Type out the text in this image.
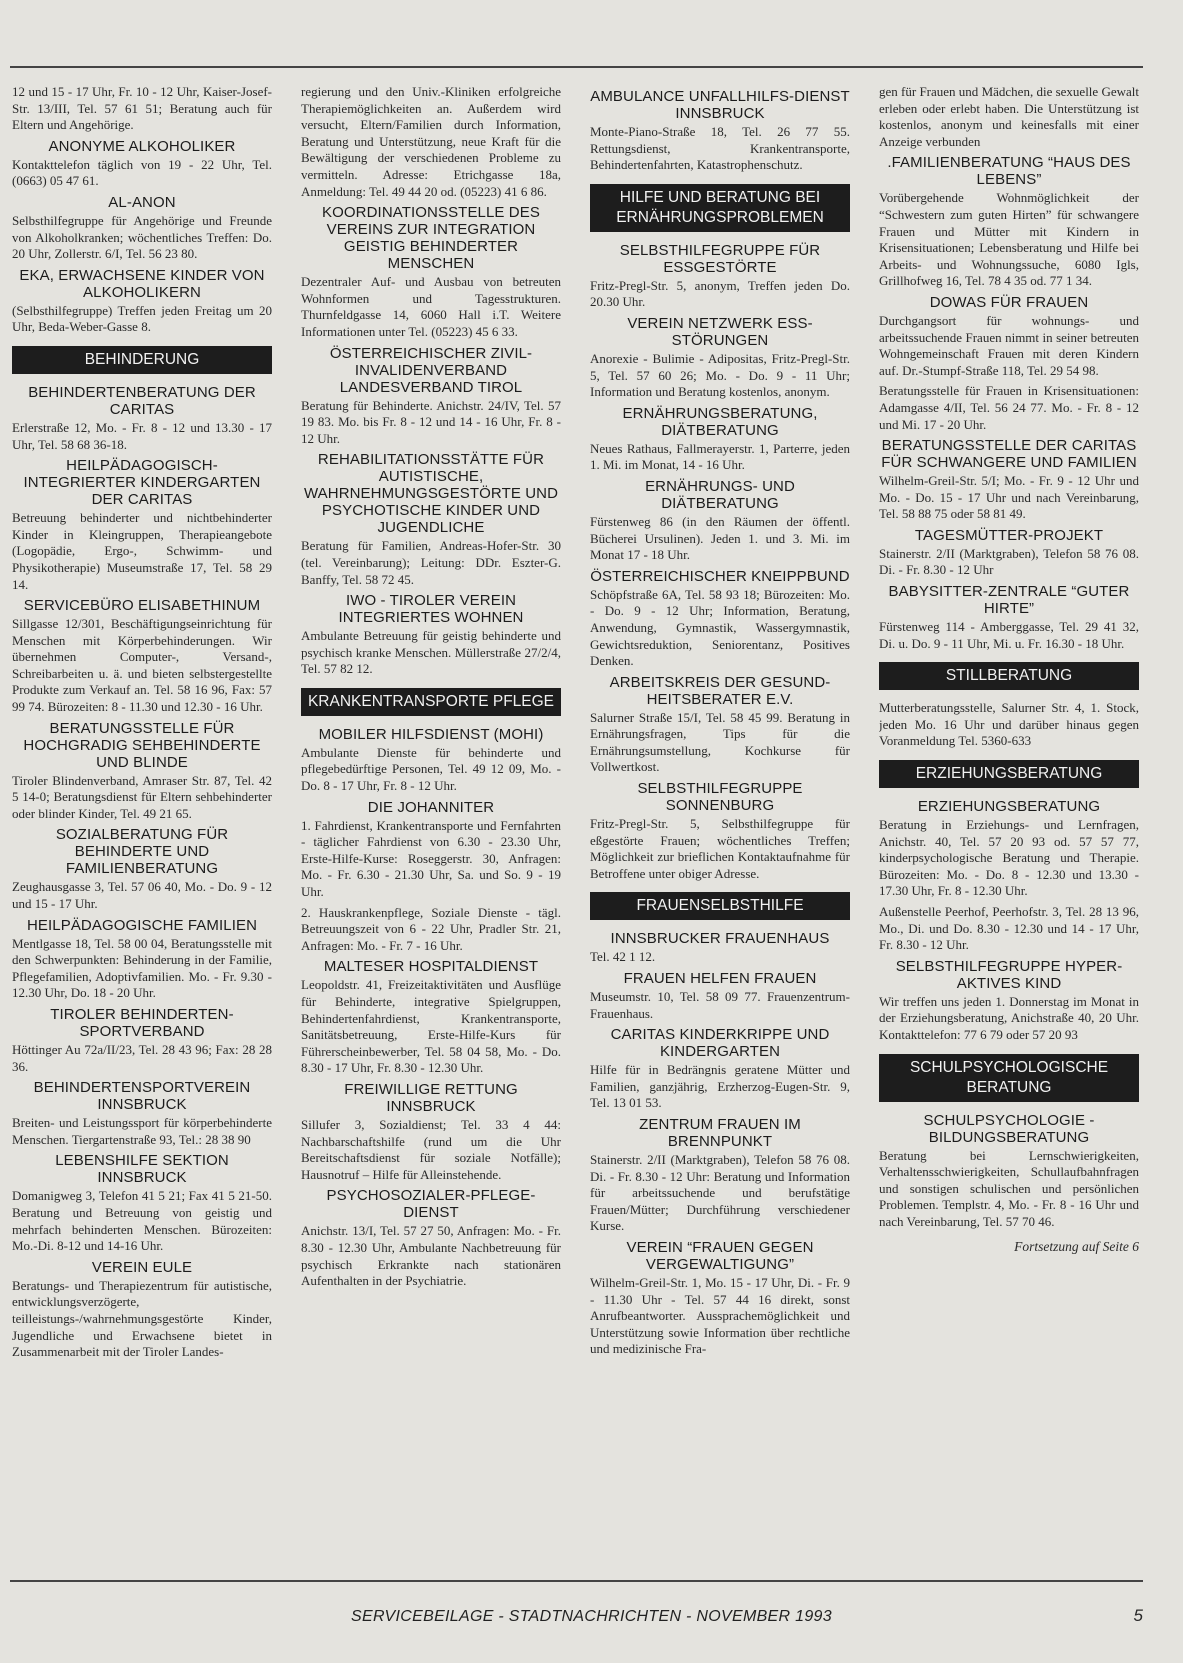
12 und 15 - 17 Uhr, Fr. 10 - 12 Uhr, Kaiser-Josef-Str. 13/III, Tel. 57 61 51; Beratung auch für Eltern und Angehörige.
ANONYME ALKOHOLIKER
Kontakttelefon täglich von 19 - 22 Uhr, Tel. (0663) 05 47 61.
AL-ANON
Selbsthilfegruppe für Angehörige und Freunde von Alkoholkranken; wöchentliches Treffen: Do. 20 Uhr, Zollerstr. 6/I, Tel. 56 23 80.
EKA, ERWACHSENE KINDER VON ALKOHOLIKERN
(Selbsthilfegruppe) Treffen jeden Freitag um 20 Uhr, Beda-Weber-Gasse 8.
BEHINDERUNG
BEHINDERTENBERATUNG DER CARITAS
Erlerstraße 12, Mo. - Fr. 8 - 12 und 13.30 - 17 Uhr, Tel. 58 68 36-18.
HEILPÄDAGOGISCH-INTEGRIERTER KINDERGARTEN DER CARITAS
Betreuung behinderter und nichtbehinderter Kinder in Kleingruppen, Therapieangebote (Logopädie, Ergo-, Schwimm- und Physikotherapie) Museumstraße 17, Tel. 58 29 14.
SERVICEBÜRO ELISABETHINUM
Sillgasse 12/301, Beschäftigungseinrichtung für Menschen mit Körperbehinderungen. Wir übernehmen Computer-, Versand-, Schreibarbeiten u. ä. und bieten selbstergestellte Produkte zum Verkauf an. Tel. 58 16 96, Fax: 57 99 74. Bürozeiten: 8 - 11.30 und 12.30 - 16 Uhr.
BERATUNGSSTELLE FÜR HOCHGRADIG SEHBEHINDERTE UND BLINDE
Tiroler Blindenverband, Amraser Str. 87, Tel. 42 5 14-0; Beratungsdienst für Eltern sehbehinderter oder blinder Kinder, Tel. 49 21 65.
SOZIALBERATUNG FÜR BEHINDERTE UND FAMILIENBERATUNG
Zeughausgasse 3, Tel. 57 06 40, Mo. - Do. 9 - 12 und 15 - 17 Uhr.
HEILPÄDAGOGISCHE FAMILIEN
Mentlgasse 18, Tel. 58 00 04, Beratungsstelle mit den Schwerpunkten: Behinderung in der Familie, Pflegefamilien, Adoptivfamilien. Mo. - Fr. 9.30 - 12.30 Uhr, Do. 18 - 20 Uhr.
TIROLER BEHINDERTEN-SPORTVERBAND
Höttinger Au 72a/II/23, Tel. 28 43 96; Fax: 28 28 36.
BEHINDERTENSPORTVEREIN INNSBRUCK
Breiten- und Leistungssport für körperbehinderte Menschen. Tiergartenstraße 93, Tel.: 28 38 90
LEBENSHILFE SEKTION INNSBRUCK
Domanigweg 3, Telefon 41 5 21; Fax 41 5 21-50. Beratung und Betreuung von geistig und mehrfach behinderten Menschen. Bürozeiten: Mo.-Di. 8-12 und 14-16 Uhr.
VEREIN EULE
Beratungs- und Therapiezentrum für autistische, entwicklungsverzögerte, teilleistungs-/wahrnehmungsgestörte Kinder, Jugendliche und Erwachsene bietet in Zusammenarbeit mit der Tiroler Landes-
regierung und den Univ.-Kliniken erfolgreiche Therapiemöglichkeiten an. Außerdem wird versucht, Eltern/Familien durch Information, Beratung und Unterstützung, neue Kraft für die Bewältigung der verschiedenen Probleme zu vermitteln. Adresse: Etrichgasse 18a, Anmeldung: Tel. 49 44 20 od. (05223) 41 6 86.
KOORDINATIONSSTELLE DES VEREINS ZUR INTEGRATION GEISTIG BEHINDERTER MENSCHEN
Dezentraler Auf- und Ausbau von betreuten Wohnformen und Tagesstrukturen. Thurnfeldgasse 14, 6060 Hall i.T. Weitere Informationen unter Tel. (05223) 45 6 33.
ÖSTERREICHISCHER ZIVIL-INVALIDENVERBAND LANDESVERBAND TIROL
Beratung für Behinderte. Anichstr. 24/IV, Tel. 57 19 83. Mo. bis Fr. 8 - 12 und 14 - 16 Uhr, Fr. 8 - 12 Uhr.
REHABILITATIONSSTÄTTE FÜR AUTISTISCHE, WAHRNEHMUNGSGESTÖRTE UND PSYCHOTISCHE KINDER UND JUGENDLICHE
Beratung für Familien, Andreas-Hofer-Str. 30 (tel. Vereinbarung); Leitung: DDr. Eszter-G. Banffy, Tel. 58 72 45.
IWO - TIROLER VEREIN INTEGRIERTES WOHNEN
Ambulante Betreuung für geistig behinderte und psychisch kranke Menschen. Müllerstraße 27/2/4, Tel. 57 82 12.
KRANKENTRANSPORTE PFLEGE
MOBILER HILFSDIENST (MOHI)
Ambulante Dienste für behinderte und pflegebedürftige Personen, Tel. 49 12 09, Mo. - Do. 8 - 17 Uhr, Fr. 8 - 12 Uhr.
DIE JOHANNITER
1. Fahrdienst, Krankentransporte und Fernfahrten - täglicher Fahrdienst von 6.30 - 23.30 Uhr, Erste-Hilfe-Kurse: Roseggerstr. 30, Anfragen: Mo. - Fr. 6.30 - 21.30 Uhr, Sa. und So. 9 - 19 Uhr.
2. Hauskrankenpflege, Soziale Dienste - tägl. Betreuungszeit von 6 - 22 Uhr, Pradler Str. 21, Anfragen: Mo. - Fr. 7 - 16 Uhr.
MALTESER HOSPITALDIENST
Leopoldstr. 41, Freizeitaktivitäten und Ausflüge für Behinderte, integrative Spielgruppen, Behindertenfahrdienst, Krankentransporte, Sanitätsbetreuung, Erste-Hilfe-Kurs für Führerscheinbewerber, Tel. 58 04 58, Mo. - Do. 8.30 - 17 Uhr, Fr. 8.30 - 12.30 Uhr.
FREIWILLIGE RETTUNG INNSBRUCK
Sillufer 3, Sozialdienst; Tel. 33 4 44: Nachbarschaftshilfe (rund um die Uhr Bereitschaftsdienst für soziale Notfälle); Hausnotruf – Hilfe für Alleinstehende.
PSYCHOSOZIALER-PFLEGE-DIENST
Anichstr. 13/I, Tel. 57 27 50, Anfragen: Mo. - Fr. 8.30 - 12.30 Uhr, Ambulante Nachbetreuung für psychisch Erkrankte nach stationären Aufenthalten in der Psychiatrie.
AMBULANCE UNFALLHILFS-DIENST INNSBRUCK
Monte-Piano-Straße 18, Tel. 26 77 55. Rettungsdienst, Krankentransporte, Behindertenfahrten, Katastrophenschutz.
HILFE UND BERATUNG BEI ERNÄHRUNGSPROBLEMEN
SELBSTHILFEGRUPPE FÜR ESSGESTÖRTE
Fritz-Pregl-Str. 5, anonym, Treffen jeden Do. 20.30 Uhr.
VEREIN NETZWERK ESS-STÖRUNGEN
Anorexie - Bulimie - Adipositas, Fritz-Pregl-Str. 5, Tel. 57 60 26; Mo. - Do. 9 - 11 Uhr; Information und Beratung kostenlos, anonym.
ERNÄHRUNGSBERATUNG, DIÄTBERATUNG
Neues Rathaus, Fallmerayerstr. 1, Parterre, jeden 1. Mi. im Monat, 14 - 16 Uhr.
ERNÄHRUNGS- UND DIÄTBERATUNG
Fürstenweg 86 (in den Räumen der öffentl. Bücherei Ursulinen). Jeden 1. und 3. Mi. im Monat 17 - 18 Uhr.
ÖSTERREICHISCHER KNEIPPBUND
Schöpfstraße 6A, Tel. 58 93 18; Bürozeiten: Mo. - Do. 9 - 12 Uhr; Information, Beratung, Anwendung, Gymnastik, Wassergymnastik, Gewichtsreduktion, Seniorentanz, Positives Denken.
ARBEITSKREIS DER GESUND-HEITSBERATER E.V.
Salurner Straße 15/I, Tel. 58 45 99. Beratung in Ernährungsfragen, Tips für die Ernährungsumstellung, Kochkurse für Vollwertkost.
SELBSTHILFEGRUPPE SONNENBURG
Fritz-Pregl-Str. 5, Selbsthilfegruppe für eßgestörte Frauen; wöchentliches Treffen; Möglichkeit zur brieflichen Kontaktaufnahme für Betroffene unter obiger Adresse.
FRAUENSELBSTHILFE
INNSBRUCKER FRAUENHAUS
Tel. 42 1 12.
FRAUEN HELFEN FRAUEN
Museumstr. 10, Tel. 58 09 77. Frauenzentrum-Frauenhaus.
CARITAS KINDERKRIPPE UND KINDERGARTEN
Hilfe für in Bedrängnis geratene Mütter und Familien, ganzjährig, Erzherzog-Eugen-Str. 9, Tel. 13 01 53.
ZENTRUM FRAUEN IM BRENNPUNKT
Stainerstr. 2/II (Marktgraben), Telefon 58 76 08. Di. - Fr. 8.30 - 12 Uhr: Beratung und Information für arbeitssuchende und berufstätige Frauen/Mütter; Durchführung verschiedener Kurse.
VEREIN “FRAUEN GEGEN VERGEWALTIGUNG”
Wilhelm-Greil-Str. 1, Mo. 15 - 17 Uhr, Di. - Fr. 9 - 11.30 Uhr - Tel. 57 44 16 direkt, sonst Anrufbeantworter. Aussprachemöglichkeit und Unterstützung sowie Information über rechtliche und medizinische Fra-
gen für Frauen und Mädchen, die sexuelle Gewalt erleben oder erlebt haben. Die Unterstützung ist kostenlos, anonym und keinesfalls mit einer Anzeige verbunden
.FAMILIENBERATUNG “HAUS DES LEBENS”
Vorübergehende Wohnmöglichkeit der “Schwestern zum guten Hirten” für schwangere Frauen und Mütter mit Kindern in Krisensituationen; Lebensberatung und Hilfe bei Arbeits- und Wohnungssuche, 6080 Igls, Grillhofweg 16, Tel. 78 4 35 od. 77 1 34.
DOWAS FÜR FRAUEN
Durchgangsort für wohnungs- und arbeitssuchende Frauen nimmt in seiner betreuten Wohngemeinschaft Frauen mit deren Kindern auf. Dr.-Stumpf-Straße 118, Tel. 29 54 98.
Beratungsstelle für Frauen in Krisensituationen: Adamgasse 4/II, Tel. 56 24 77. Mo. - Fr. 8 - 12 und Mi. 17 - 20 Uhr.
BERATUNGSSTELLE DER CARITAS FÜR SCHWANGERE UND FAMILIEN
Wilhelm-Greil-Str. 5/I; Mo. - Fr. 9 - 12 Uhr und Mo. - Do. 15 - 17 Uhr und nach Vereinbarung, Tel. 58 88 75 oder 58 81 49.
TAGESMÜTTER-PROJEKT
Stainerstr. 2/II (Marktgraben), Telefon 58 76 08. Di. - Fr. 8.30 - 12 Uhr
BABYSITTER-ZENTRALE “GUTER HIRTE”
Fürstenweg 114 - Amberggasse, Tel. 29 41 32, Di. u. Do. 9 - 11 Uhr, Mi. u. Fr. 16.30 - 18 Uhr.
STILLBERATUNG
Mutterberatungsstelle, Salurner Str. 4, 1. Stock, jeden Mo. 16 Uhr und darüber hinaus gegen Voranmeldung Tel. 5360-633
ERZIEHUNGSBERATUNG
ERZIEHUNGSBERATUNG
Beratung in Erziehungs- und Lernfragen, Anichstr. 40, Tel. 57 20 93 od. 57 57 77, kinderpsychologische Beratung und Therapie. Bürozeiten: Mo. - Do. 8 - 12.30 und 13.30 - 17.30 Uhr, Fr. 8 - 12.30 Uhr.
Außenstelle Peerhof, Peerhofstr. 3, Tel. 28 13 96, Mo., Di. und Do. 8.30 - 12.30 und 14 - 17 Uhr, Fr. 8.30 - 12 Uhr.
SELBSTHILFEGRUPPE HYPER-AKTIVES KIND
Wir treffen uns jeden 1. Donnerstag im Monat in der Erziehungsberatung, Anichstraße 40, 20 Uhr. Kontakttelefon: 77 6 79 oder 57 20 93
SCHULPSYCHOLOGISCHE BERATUNG
SCHULPSYCHOLOGIE - BILDUNGSBERATUNG
Beratung bei Lernschwierigkeiten, Verhaltensschwierigkeiten, Schullaufbahnfragen und sonstigen schulischen und persönlichen Problemen. Templstr. 4, Mo. - Fr. 8 - 16 Uhr und nach Vereinbarung, Tel. 57 70 46.
Fortsetzung auf Seite 6
SERVICEBEILAGE - STADTNACHRICHTEN - NOVEMBER 1993	5
